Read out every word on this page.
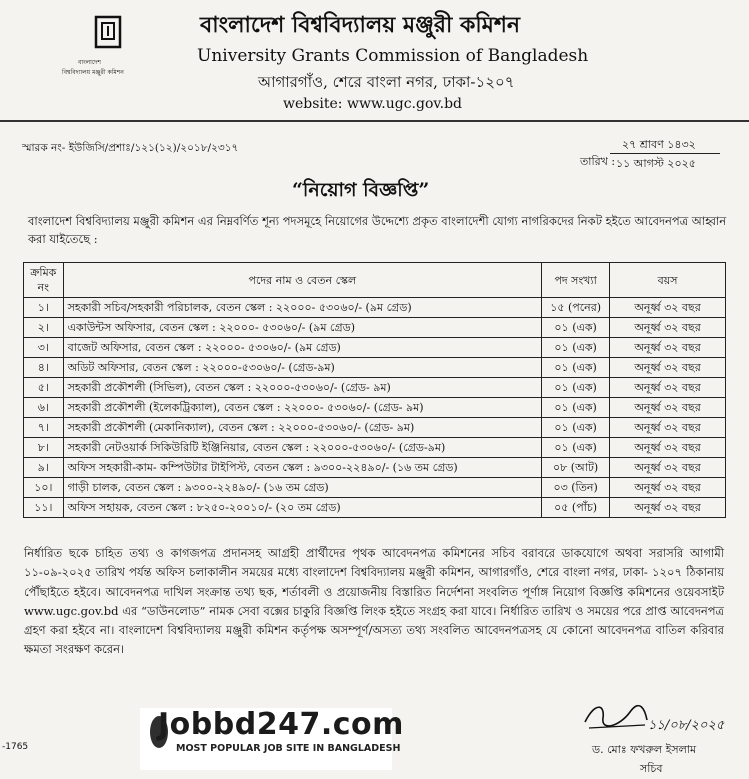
বাংলাদেশ
বিশ্ববিদ্যালয় মঞ্জুরী কমিশন
বাংলাদেশ বিশ্ববিদ্যালয় মঞ্জুরী কমিশন
University Grants Commission of Bangladesh
আগারগাঁও, শেরে বাংলা নগর, ঢাকা-১২০৭
website: www.ugc.gov.bd
স্মারক নং- ইউজিসি/প্রশাঃ/১২১(১২)/২০১৮/২৩১৭	২৭ শ্রাবণ ১৪৩২
তারিখ : ১১ আগস্ট ২০২৫
“নিয়োগ বিজ্ঞপ্তি”
বাংলাদেশ বিশ্ববিদ্যালয় মঞ্জুরী কমিশন এর নিম্নবর্ণিত শূন্য পদসমূহে নিয়োগের উদ্দেশ্যে প্রকৃত বাংলাদেশী যোগ্য নাগরিকদের নিকট হইতে আবেদনপত্র আহ্বান করা যাইতেছে :
ক্রমিক নং	পদের নাম ও বেতন স্কেল	পদ সংখ্যা	বয়স
১।	সহকারী সচিব/সহকারী পরিচালক, বেতন স্কেল : ২২০০০- ৫৩০৬০/- (৯ম গ্রেড)	১৫ (পনের)	অনূর্ধ্ব ৩২ বছর
২।	একাউন্টস অফিসার, বেতন স্কেল : ২২০০০- ৫৩০৬০/- (৯ম গ্রেড)	০১ (এক)	অনূর্ধ্ব ৩২ বছর
৩।	বাজেট অফিসার, বেতন স্কেল : ২২০০০- ৫৩০৬০/- (৯ম গ্রেড)	০১ (এক)	অনূর্ধ্ব ৩২ বছর
৪।	অডিট অফিসার, বেতন স্কেল : ২২০০০-৫৩০৬০/- (গ্রেড-৯ম)	০১ (এক)	অনূর্ধ্ব ৩২ বছর
৫।	সহকারী প্রকৌশলী (সিভিল), বেতন স্কেল : ২২০০০-৫৩০৬০/- (গ্রেড- ৯ম)	০১ (এক)	অনূর্ধ্ব ৩২ বছর
৬।	সহকারী প্রকৌশলী (ইলেকট্রিক্যাল), বেতন স্কেল : ২২০০০- ৫৩০৬০/- (গ্রেড- ৯ম)	০১ (এক)	অনূর্ধ্ব ৩২ বছর
৭।	সহকারী প্রকৌশলী (মেকানিক্যাল), বেতন স্কেল : ২২০০০-৫৩০৬০/- (গ্রেড- ৯ম)	০১ (এক)	অনূর্ধ্ব ৩২ বছর
৮।	সহকারী নেটওয়ার্ক সিকিউরিটি ইঞ্জিনিয়ার, বেতন স্কেল : ২২০০০-৫৩০৬০/- (গ্রেড-৯ম)	০১ (এক)	অনূর্ধ্ব ৩২ বছর
৯।	অফিস সহকারী-কাম- কম্পিউটার টাইপিস্ট, বেতন স্কেল : ৯৩০০-২২৪৯০/- (১৬ তম গ্রেড)	০৮ (আট)	অনূর্ধ্ব ৩২ বছর
১০।	গাড়ী চালক, বেতন স্কেল : ৯৩০০-২২৪৯০/- (১৬ তম গ্রেড)	০৩ (তিন)	অনূর্ধ্ব ৩২ বছর
১১।	অফিস সহায়ক, বেতন স্কেল : ৮২৫০-২০০১০/- (২০ তম গ্রেড)	০৫ (পাঁচ)	অনূর্ধ্ব ৩২ বছর
নির্ধারিত ছকে চাহিত তথ্য ও কাগজপত্র প্রদানসহ আগ্রহী প্রার্থীদের পৃথক আবেদনপত্র কমিশনের সচিব বরাবরে ডাকযোগে অথবা সরাসরি আগামী ১১-০৯-২০২৫ তারিখ পর্যন্ত অফিস চলাকালীন সময়ের মধ্যে বাংলাদেশ বিশ্ববিদ্যালয় মঞ্জুরী কমিশন, আগারগাঁও, শেরে বাংলা নগর, ঢাকা- ১২০৭ ঠিকানায় পৌঁছাইতে হইবে। আবেদনপত্র দাখিল সংক্রান্ত তথ্য ছক, শর্তাবলী ও প্রয়োজনীয় বিস্তারিত নির্দেশনা সংবলিত পূর্ণাঙ্গ নিয়োগ বিজ্ঞপ্তি কমিশনের ওয়েবসাইট www.ugc.gov.bd এর “ডাউনলোড” নামক সেবা বক্সের চাকুরি বিজ্ঞপ্তি লিংক হইতে সংগ্রহ করা যাবে। নির্ধারিত তারিখ ও সময়ের পরে প্রাপ্ত আবেদনপত্র গ্রহণ করা হইবে না। বাংলাদেশ বিশ্ববিদ্যালয় মঞ্জুরী কমিশন কর্তৃপক্ষ অসম্পূর্ণ/অসত্য তথ্য সংবলিত আবেদনপত্রসহ যে কোনো আবেদনপত্র বাতিল করিবার ক্ষমতা সংরক্ষণ করেন।
Jobbd247.com
MOST POPULAR JOB SITE IN BANGLADESH
-1765
১১/০৮/২০২৫
ড. মোঃ ফখরুল ইসলাম
সচিব
